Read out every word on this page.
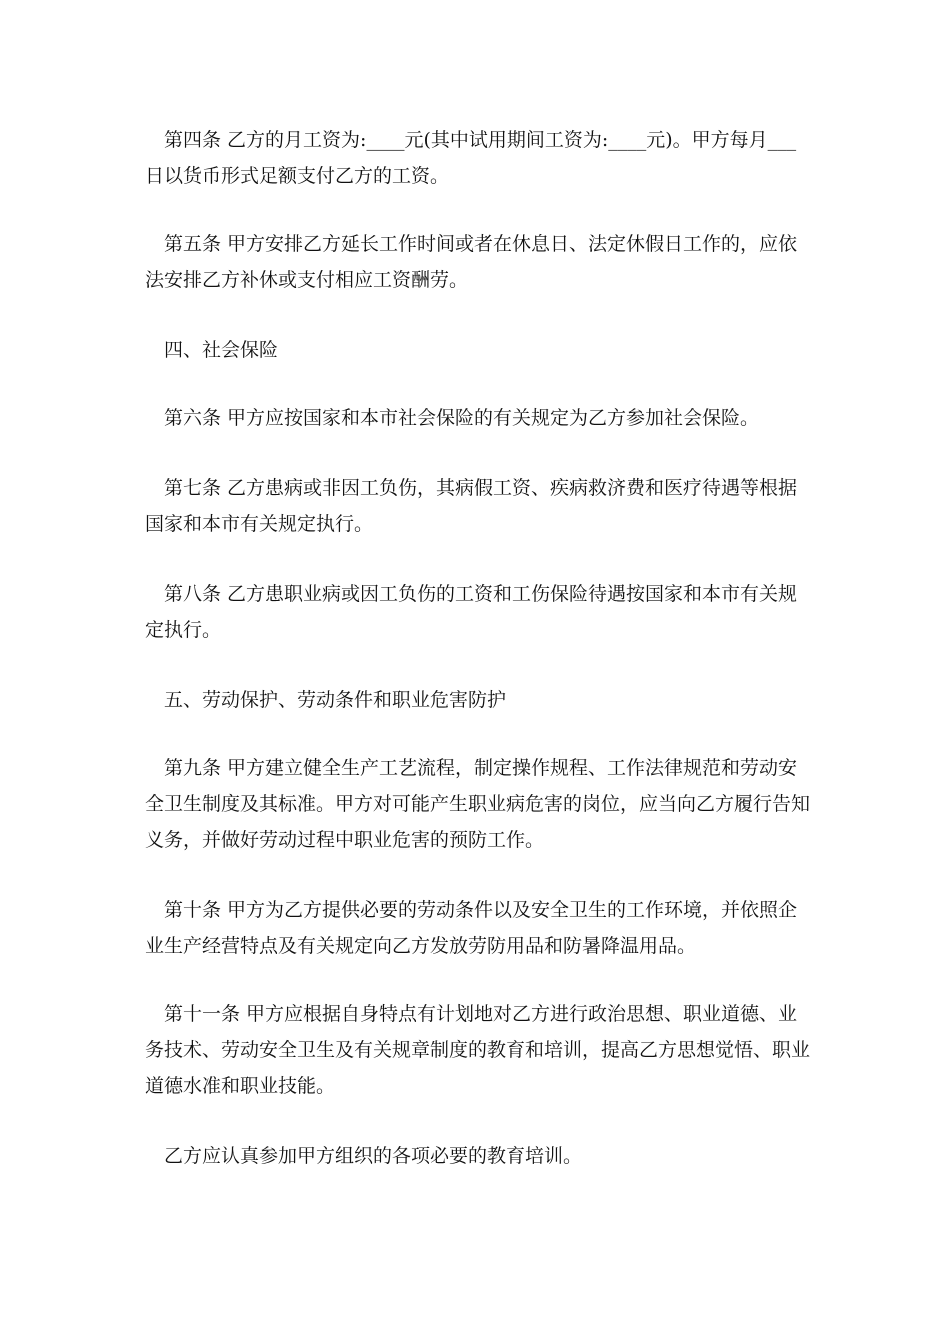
第四条 乙方的月工资为:____元(其中试用期间工资为:____元)。甲方每月___日以货币形式足额支付乙方的工资。

第五条 甲方安排乙方延长工作时间或者在休息日、法定休假日工作的，应依法安排乙方补休或支付相应工资酬劳。

四、社会保险

第六条 甲方应按国家和本市社会保险的有关规定为乙方参加社会保险。

第七条 乙方患病或非因工负伤，其病假工资、疾病救济费和医疗待遇等根据国家和本市有关规定执行。

第八条 乙方患职业病或因工负伤的工资和工伤保险待遇按国家和本市有关规定执行。

五、劳动保护、劳动条件和职业危害防护

第九条 甲方建立健全生产工艺流程，制定操作规程、工作法律规范和劳动安全卫生制度及其标准。甲方对可能产生职业病危害的岗位，应当向乙方履行告知义务，并做好劳动过程中职业危害的预防工作。

第十条 甲方为乙方提供必要的劳动条件以及安全卫生的工作环境，并依照企业生产经营特点及有关规定向乙方发放劳防用品和防暑降温用品。

第十一条 甲方应根据自身特点有计划地对乙方进行政治思想、职业道德、业务技术、劳动安全卫生及有关规章制度的教育和培训，提高乙方思想觉悟、职业道德水准和职业技能。

乙方应认真参加甲方组织的各项必要的教育培训。
